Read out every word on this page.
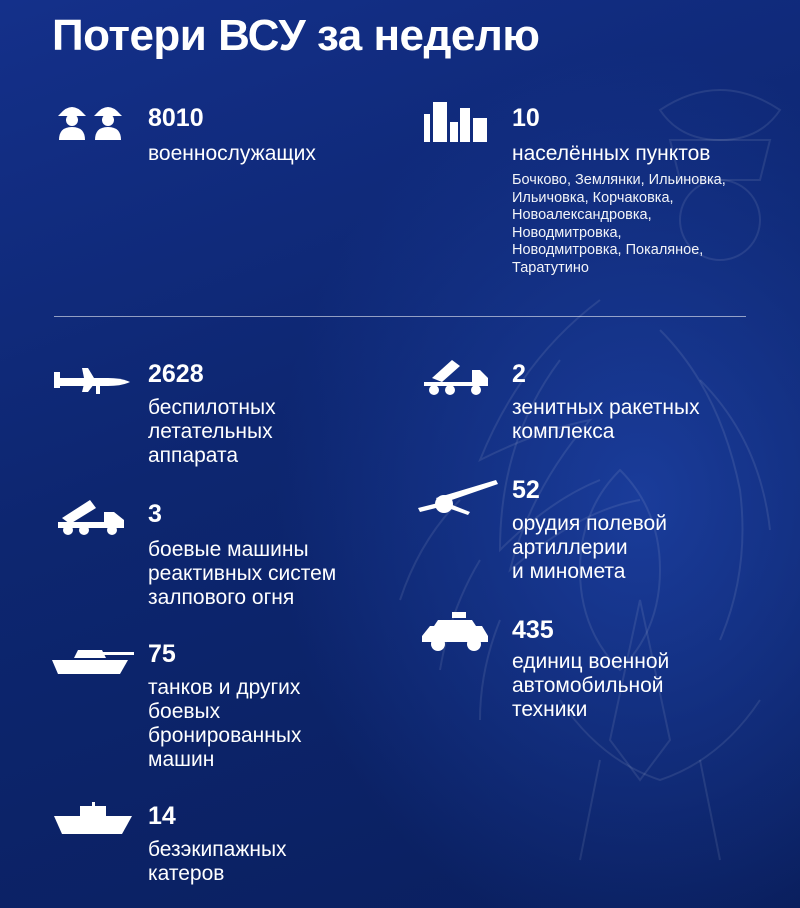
Потери ВСУ за неделю
8010
военнослужащих
10
населённых пунктов
Бочково, Землянки, Ильиновка,
Ильичовка, Корчаковка,
Новоалександровка,
Новодмитровка,
Новодмитровка, Покаляное,
Таратутино
2628
беспилотных
летательных
аппарата
2
зенитных ракетных
комплекса
3
боевые машины
реактивных систем
залпового огня
52
орудия полевой
артиллерии
и миномета
75
танков и других
боевых
бронированных
машин
435
единиц военной
автомобильной
техники
14
безэкипажных
катеров
